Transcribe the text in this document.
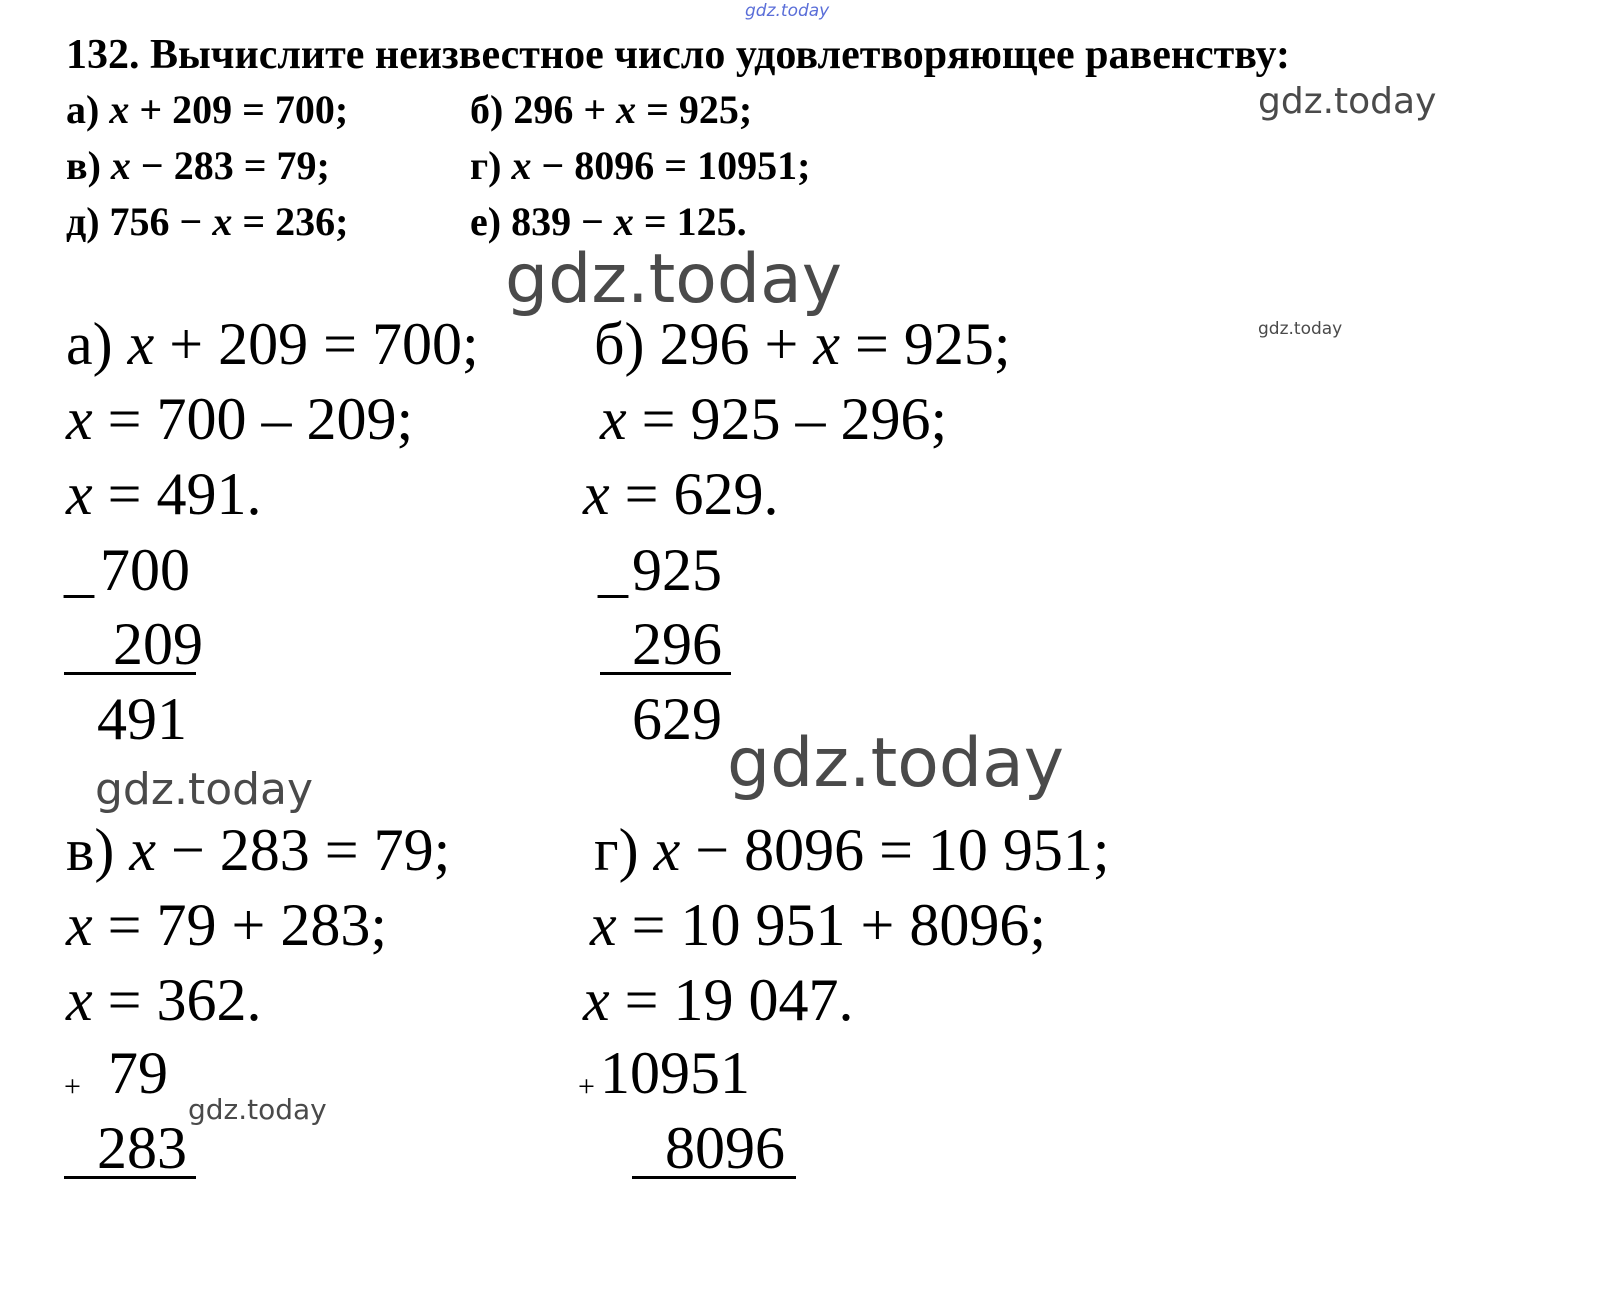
gdz.today
gdz.today
gdz.today
gdz.today
gdz.today
gdz.today
gdz.today
132. Вычислите неизвестное число удовлетворяющее равенству:
а) x + 209 = 700;	б) 296 + x = 925;
в) x − 283 = 79;	г) x − 8096 = 10951;
д) 756 − x = 236;	е) 839 − x = 125.
а) x + 209 = 700;
x = 700 – 209;
x = 491.
_ 700
209
491
б) 296 + x = 925;
x = 925 – 296;
x = 629.
_ 925
296
629
в) x − 283 = 79;
x = 79 + 283;
x = 362.
+ 79
283
г) x − 8096 = 10 951;
x = 10 951 + 8096;
x = 19 047.
+ 10951
8096
